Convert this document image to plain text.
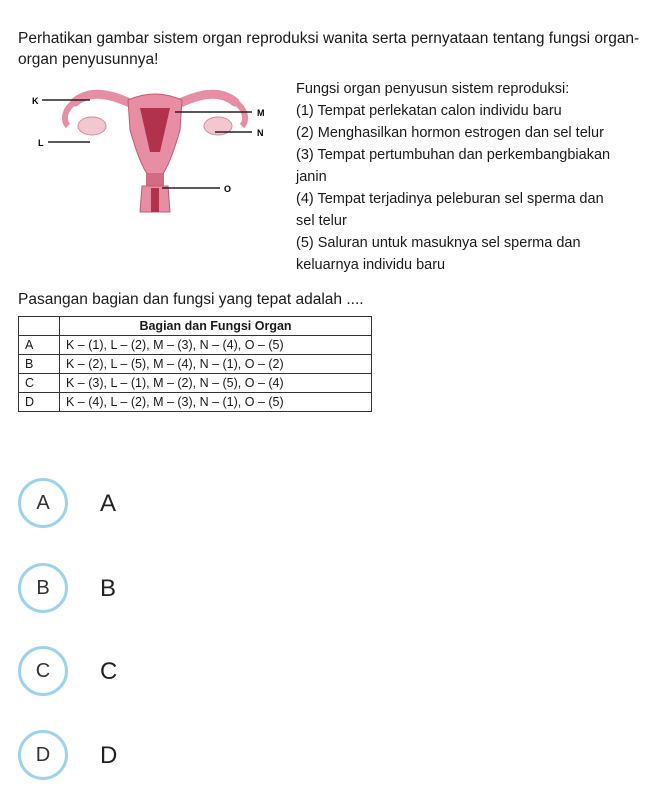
Perhatikan gambar sistem organ reproduksi wanita serta pernyataan tentang fungsi organ-organ penyusunnya!
K
L
M
N
O
Fungsi organ penyusun sistem reproduksi:
(1) Tempat perlekatan calon individu baru
(2) Menghasilkan hormon estrogen dan sel telur
(3) Tempat pertumbuhan dan perkembangbiakan
janin
(4) Tempat terjadinya peleburan sel sperma dan
sel telur
(5) Saluran untuk masuknya sel sperma dan
keluarnya individu baru
Pasangan bagian dan fungsi yang tepat adalah ....
	Bagian dan Fungsi Organ
A	K – (1), L – (2), M – (3), N – (4), O – (5)
B	K – (2), L – (5), M – (4), N – (1), O – (2)
C	K – (3), L – (1), M – (2), N – (5), O – (4)
D	K – (4), L – (2), M – (3), N – (1), O – (5)
A	A
B	B
C	C
D	D
